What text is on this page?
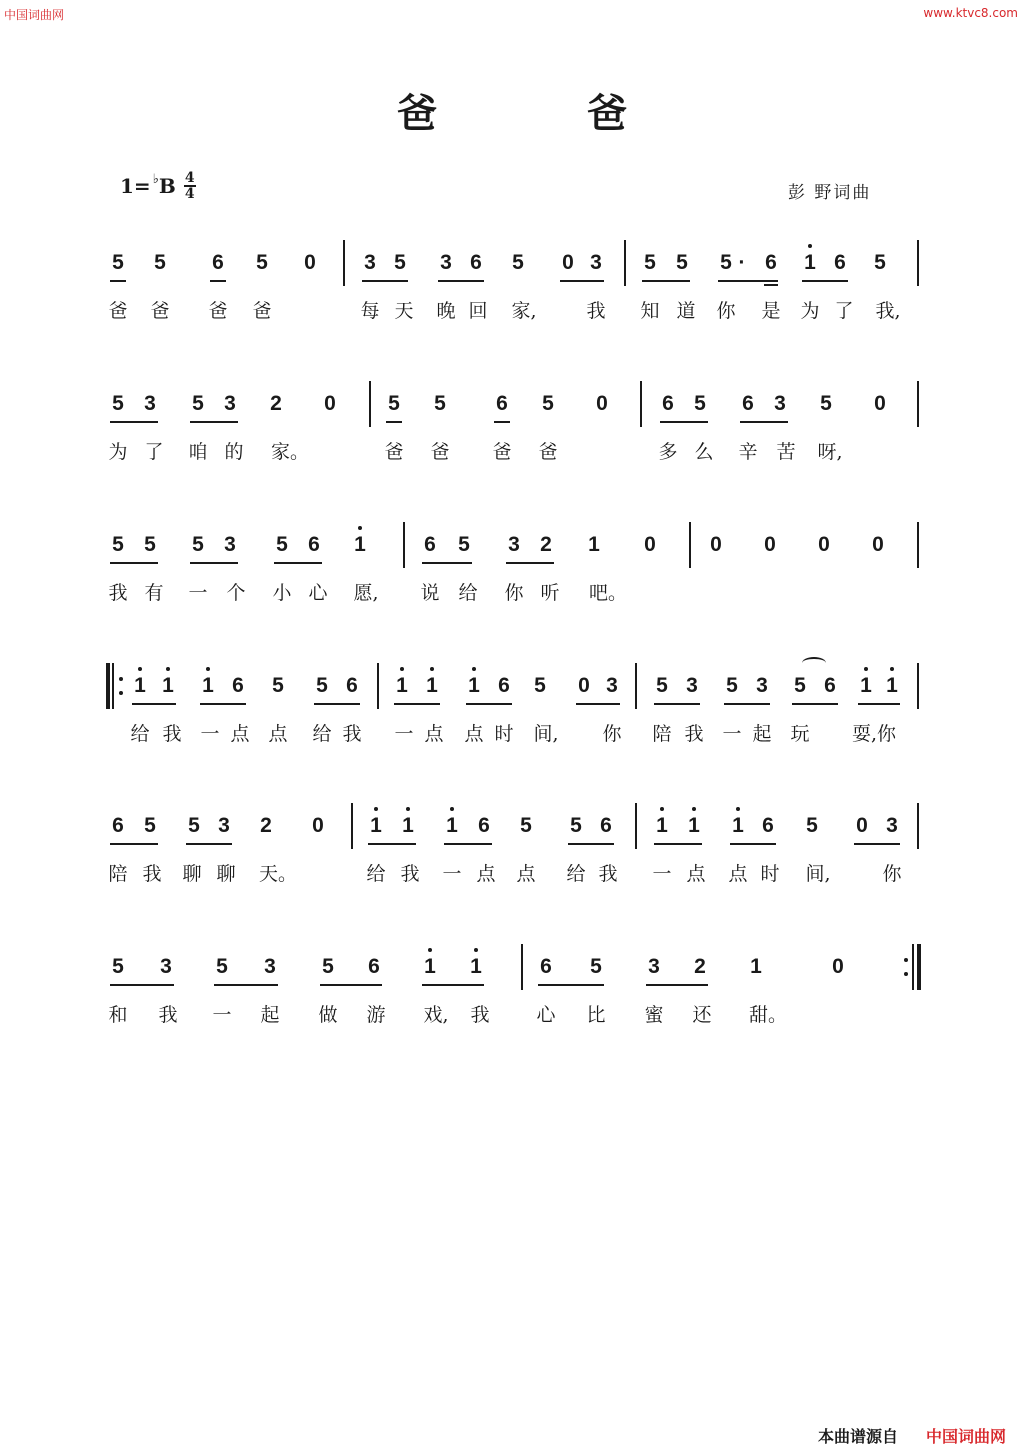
中国词曲网	www.ktvc8.com
爸爸
1= ♭ B 4
4	彭 野词曲
5 5 6 5 0 3 5 3 6 5 0 3 5 5 5 · 6 1 6 5
爸 爸 爸 爸	每 天 晚 回 家,	我 知 道 你 是 为 了 我,
5 3 5 3 2 0 5 5 6 5 0	6 5 6 3 5 0
为 了 咱 的 家。	爸 爸 爸 爸	多 么 辛 苦 呀,
5 5 5 3 5 6 1	6 5 3 2 1 0	0 0 0 0
我 有 一 个 小 心 愿, 说 给 你 听 吧。
1 1 1 6 5 5 6 1 1 1 6 5 0 3 5 3 5 3 5 6 1 1
给 我 一 点 点 给 我 一 点 点 时 间, 你 陪 我 一 起 玩	耍,你
6 5 5 3 2 0 1 1 1 6 5 5 6 1 1 1 6 5 0 3
陪 我 聊 聊 天。	给 我 一 点 点 给 我 一 点 点 时 间,	你
5 3 5 3 5 6 1 1	6 5 3 2 1	0
和 我 一 起 做 游 戏, 我 心 比 蜜 还 甜。
本曲谱源自 中国词曲网
